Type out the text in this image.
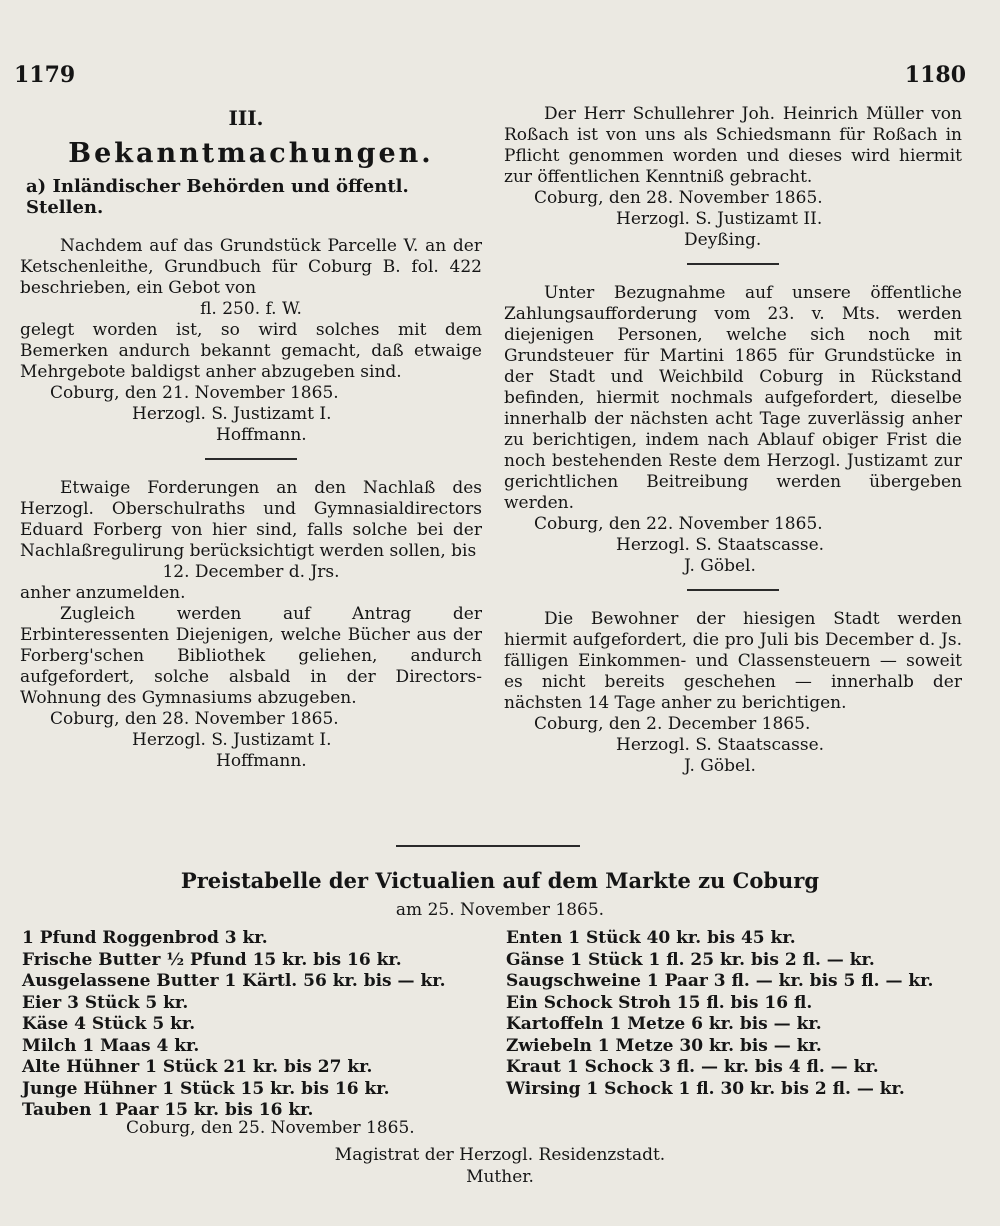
1179	1180
III.
Bekanntmachungen.
a) Inländischer Behörden und öffentl. Stellen.

Nachdem auf das Grundstück Parcelle V. an der Ketschenleithe, Grundbuch für Coburg B. fol. 422 beschrieben, ein Gebot von

fl. 250. f. W.

gelegt worden ist, so wird solches mit dem Bemerken andurch bekannt gemacht, daß etwaige Mehrgebote baldigst anher abzugeben sind.

Coburg, den 21. November 1865.

Herzogl. S. Justizamt I.

Hoffmann.

Etwaige Forderungen an den Nachlaß des Herzogl. Oberschulraths und Gymnasialdirectors Eduard Forberg von hier sind, falls solche bei der Nachlaßregulirung berücksichtigt werden sollen, bis

12. December d. Jrs.

anher anzumelden.

Zugleich werden auf Antrag der Erbinteressenten Diejenigen, welche Bücher aus der Forberg'schen Bibliothek geliehen, andurch aufgefordert, solche alsbald in der Directors-Wohnung des Gymnasiums abzugeben.

Coburg, den 28. November 1865.

Herzogl. S. Justizamt I.

Hoffmann.

Der Herr Schullehrer Joh. Heinrich Müller von Roßach ist von uns als Schiedsmann für Roßach in Pflicht genommen worden und dieses wird hiermit zur öffentlichen Kenntniß gebracht.

Coburg, den 28. November 1865.

Herzogl. S. Justizamt II.

Deyßing.

Unter Bezugnahme auf unsere öffentliche Zahlungsaufforderung vom 23. v. Mts. werden diejenigen Personen, welche sich noch mit Grundsteuer für Martini 1865 für Grundstücke in der Stadt und Weichbild Coburg in Rückstand befinden, hiermit nochmals aufgefordert, dieselbe innerhalb der nächsten acht Tage zuverlässig anher zu berichtigen, indem nach Ablauf obiger Frist die noch bestehenden Reste dem Herzogl. Justizamt zur gerichtlichen Beitreibung werden übergeben werden.

Coburg, den 22. November 1865.

Herzogl. S. Staatscasse.

J. Göbel.

Die Bewohner der hiesigen Stadt werden hiermit aufgefordert, die pro Juli bis December d. Js. fälligen Einkommen- und Classensteuern — soweit es nicht bereits geschehen — innerhalb der nächsten 14 Tage anher zu berichtigen.

Coburg, den 2. December 1865.

Herzogl. S. Staatscasse.

J. Göbel.

Preistabelle der Victualien auf dem Markte zu Coburg
am 25. November 1865.
1 Pfund Roggenbrod 3 kr.
Frische Butter ½ Pfund 15 kr. bis 16 kr.
Ausgelassene Butter 1 Kärtl. 56 kr. bis — kr.
Eier 3 Stück 5 kr.
Käse 4 Stück 5 kr.
Milch 1 Maas 4 kr.
Alte Hühner 1 Stück 21 kr. bis 27 kr.
Junge Hühner 1 Stück 15 kr. bis 16 kr.
Tauben 1 Paar 15 kr. bis 16 kr.
Enten 1 Stück 40 kr. bis 45 kr.
Gänse 1 Stück 1 fl. 25 kr. bis 2 fl. — kr.
Saugschweine 1 Paar 3 fl. — kr. bis 5 fl. — kr.
Ein Schock Stroh 15 fl. bis 16 fl.
Kartoffeln 1 Metze 6 kr. bis — kr.
Zwiebeln 1 Metze 30 kr. bis — kr.
Kraut 1 Schock 3 fl. — kr. bis 4 fl. — kr.
Wirsing 1 Schock 1 fl. 30 kr. bis 2 fl. — kr.
Coburg, den 25. November 1865.
Magistrat der Herzogl. Residenzstadt.
Muther.
